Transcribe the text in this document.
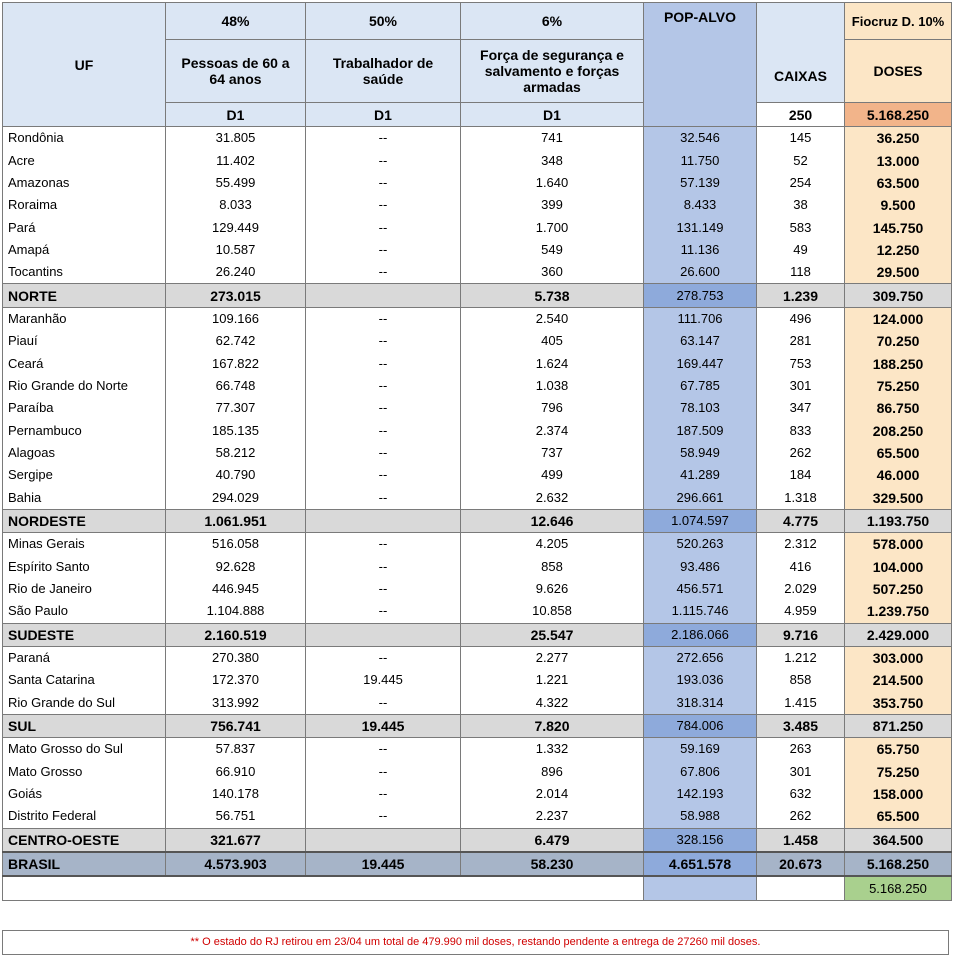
UF	48%	50%	6%	POP-ALVO	CAIXAS	Fiocruz D. 10%
	Pessoas de 60 a 64 anos	Trabalhador de saúde	Força de segurança e salvamento e forças armadas			DOSES
	D1	D1	D1		250	5.168.250
Rondônia	31.805	--	741	32.546	145	36.250
Acre	11.402	--	348	11.750	52	13.000
Amazonas	55.499	--	1.640	57.139	254	63.500
Roraima	8.033	--	399	8.433	38	9.500
Pará	129.449	--	1.700	131.149	583	145.750
Amapá	10.587	--	549	11.136	49	12.250
Tocantins	26.240	--	360	26.600	118	29.500
NORTE	273.015		5.738	278.753	1.239	309.750
Maranhão	109.166	--	2.540	111.706	496	124.000
Piauí	62.742	--	405	63.147	281	70.250
Ceará	167.822	--	1.624	169.447	753	188.250
Rio Grande do Norte	66.748	--	1.038	67.785	301	75.250
Paraíba	77.307	--	796	78.103	347	86.750
Pernambuco	185.135	--	2.374	187.509	833	208.250
Alagoas	58.212	--	737	58.949	262	65.500
Sergipe	40.790	--	499	41.289	184	46.000
Bahia	294.029	--	2.632	296.661	1.318	329.500
NORDESTE	1.061.951		12.646	1.074.597	4.775	1.193.750
Minas Gerais	516.058	--	4.205	520.263	2.312	578.000
Espírito Santo	92.628	--	858	93.486	416	104.000
Rio de Janeiro	446.945	--	9.626	456.571	2.029	507.250
São Paulo	1.104.888	--	10.858	1.115.746	4.959	1.239.750
SUDESTE	2.160.519		25.547	2.186.066	9.716	2.429.000
Paraná	270.380	--	2.277	272.656	1.212	303.000
Santa Catarina	172.370	19.445	1.221	193.036	858	214.500
Rio Grande do Sul	313.992	--	4.322	318.314	1.415	353.750
SUL	756.741	19.445	7.820	784.006	3.485	871.250
Mato Grosso do Sul	57.837	--	1.332	59.169	263	65.750
Mato Grosso	66.910	--	896	67.806	301	75.250
Goiás	140.178	--	2.014	142.193	632	158.000
Distrito Federal	56.751	--	2.237	58.988	262	65.500
CENTRO-OESTE	321.677		6.479	328.156	1.458	364.500
BRASIL	4.573.903	19.445	58.230	4.651.578	20.673	5.168.250
						5.168.250
** O estado do RJ retirou em 23/04 um total de 479.990 mil doses, restando pendente a entrega de 27260 mil doses.
